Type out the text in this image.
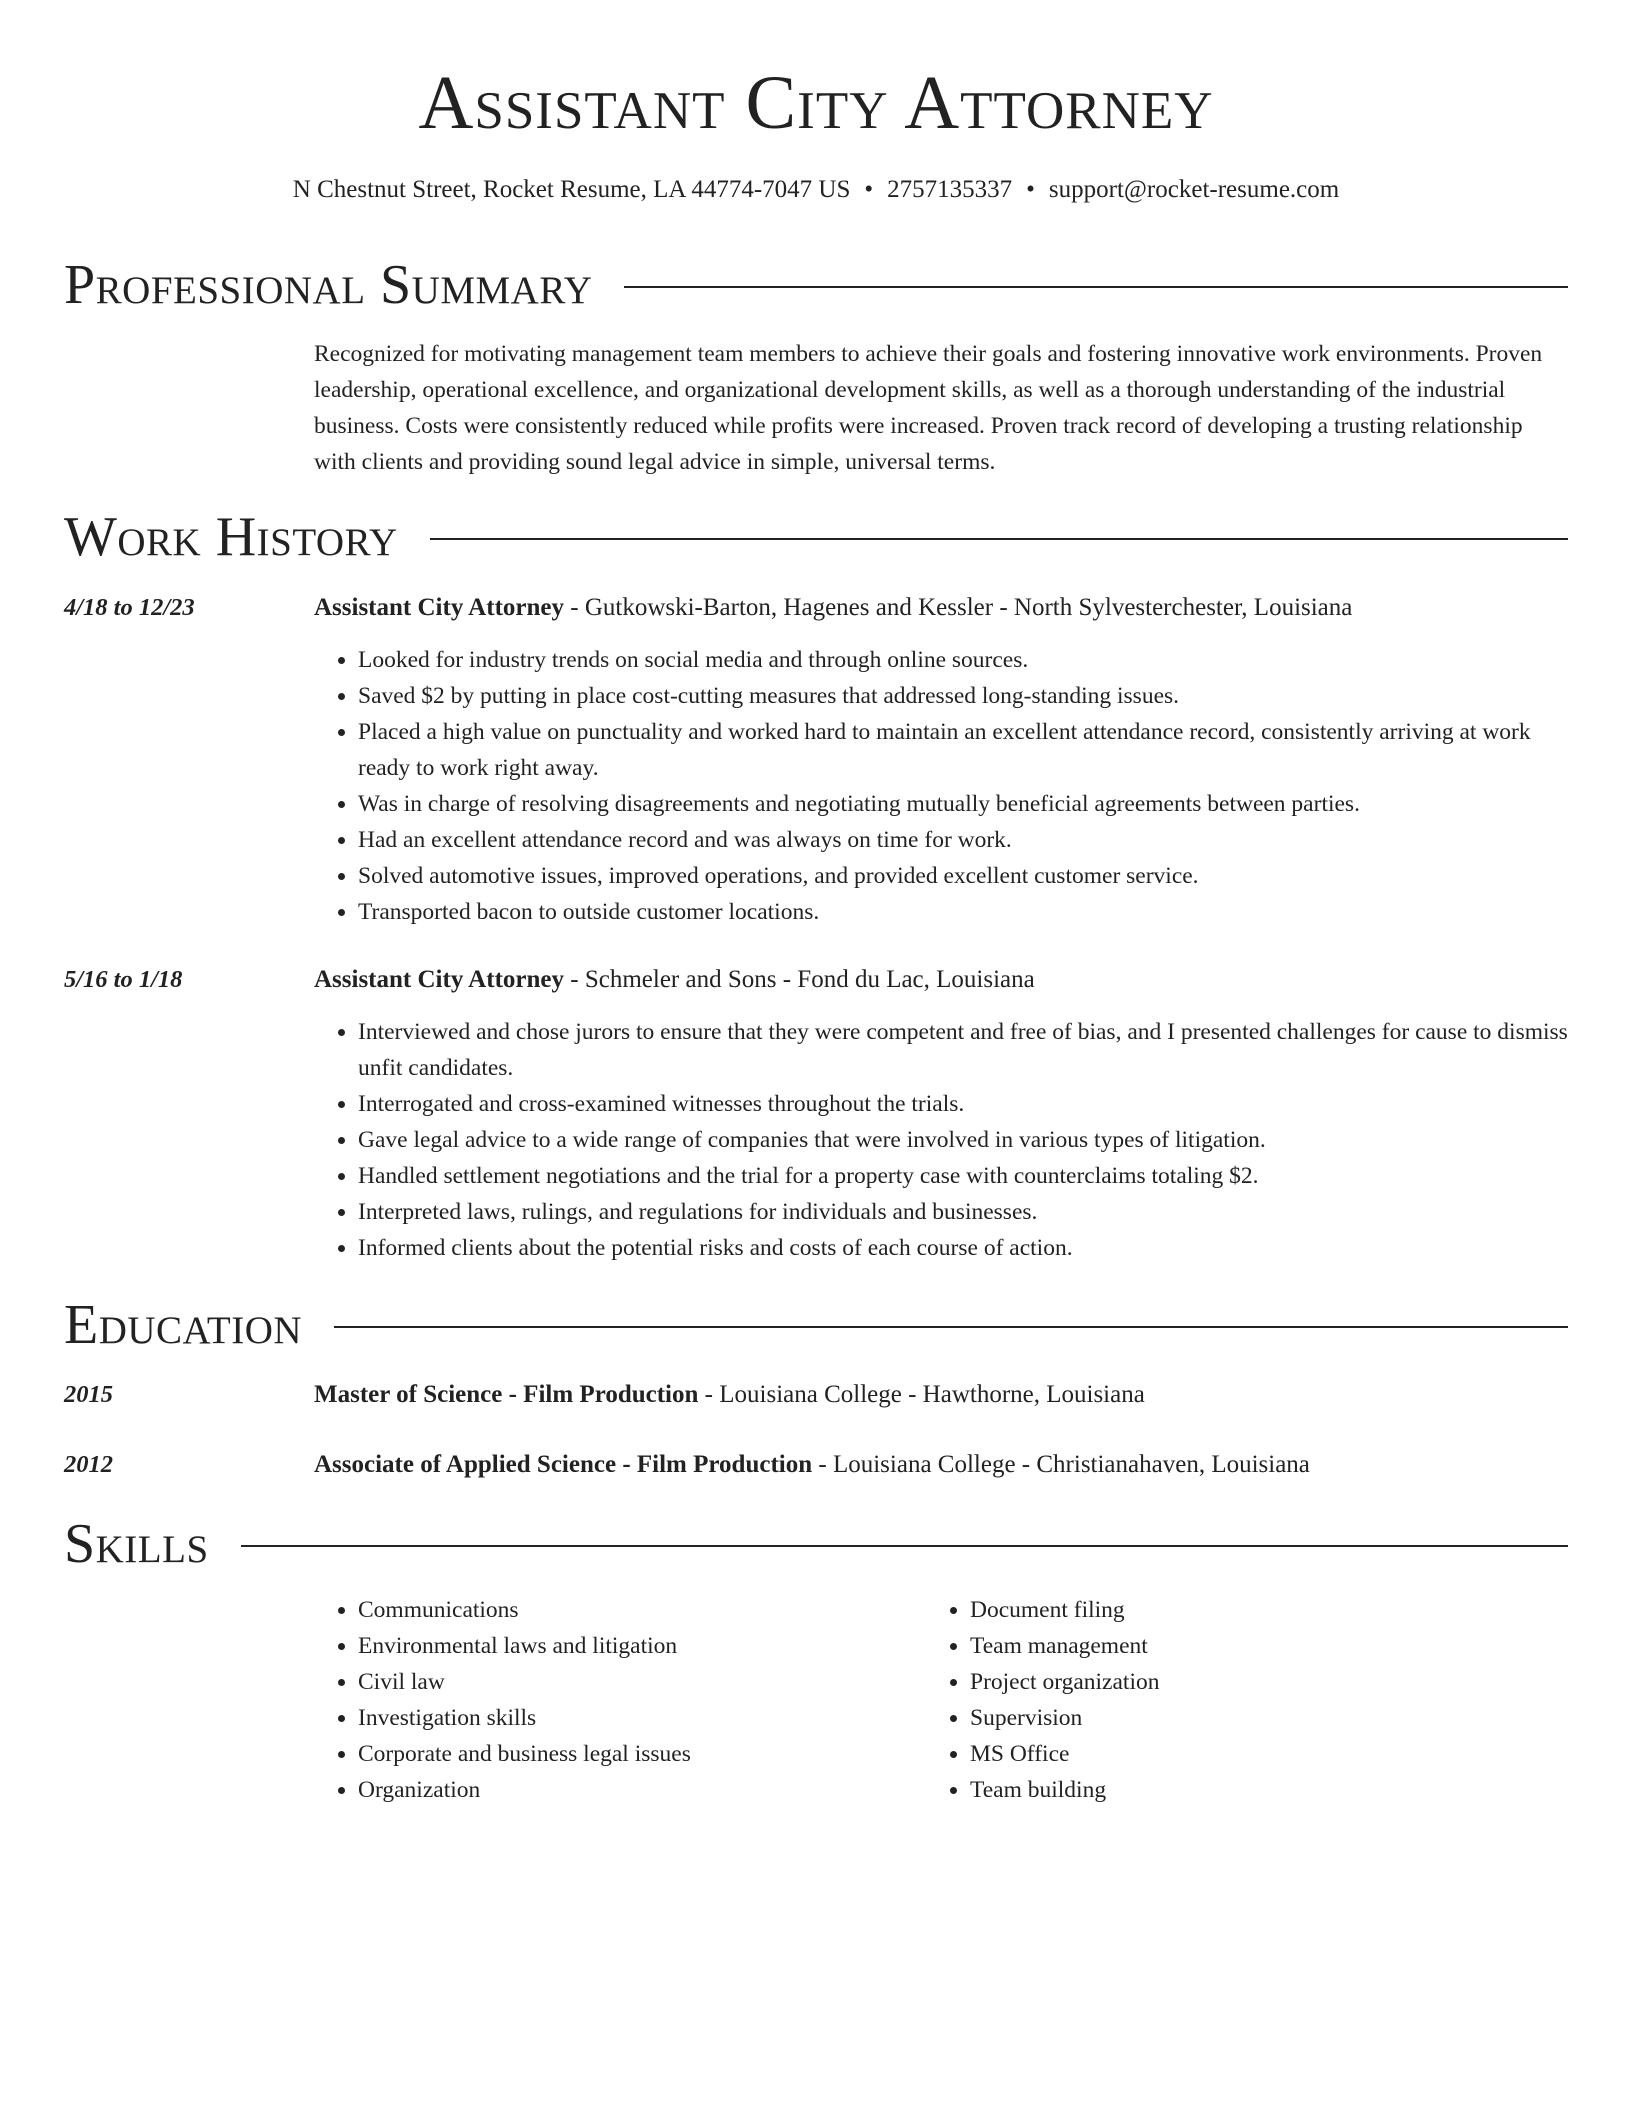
Assistant City Attorney
N Chestnut Street, Rocket Resume, LA 44774-7047 US • 2757135337 • support@rocket-resume.com
Professional Summary
Recognized for motivating management team members to achieve their goals and fostering innovative work environments. Proven leadership, operational excellence, and organizational development skills, as well as a thorough understanding of the industrial business. Costs were consistently reduced while profits were increased. Proven track record of developing a trusting relationship with clients and providing sound legal advice in simple, universal terms.
Work History
4/18 to 12/23	Assistant City Attorney - Gutkowski-Barton, Hagenes and Kessler - North Sylvesterchester, Louisiana
• Looked for industry trends on social media and through online sources.
• Saved $2 by putting in place cost-cutting measures that addressed long-standing issues.
• Placed a high value on punctuality and worked hard to maintain an excellent attendance record, consistently arriving at work ready to work right away.
• Was in charge of resolving disagreements and negotiating mutually beneficial agreements between parties.
• Had an excellent attendance record and was always on time for work.
• Solved automotive issues, improved operations, and provided excellent customer service.
• Transported bacon to outside customer locations.
5/16 to 1/18	Assistant City Attorney - Schmeler and Sons - Fond du Lac, Louisiana
• Interviewed and chose jurors to ensure that they were competent and free of bias, and I presented challenges for cause to dismiss unfit candidates.
• Interrogated and cross-examined witnesses throughout the trials.
• Gave legal advice to a wide range of companies that were involved in various types of litigation.
• Handled settlement negotiations and the trial for a property case with counterclaims totaling $2.
• Interpreted laws, rulings, and regulations for individuals and businesses.
• Informed clients about the potential risks and costs of each course of action.
Education
2015	Master of Science - Film Production - Louisiana College - Hawthorne, Louisiana
2012	Associate of Applied Science - Film Production - Louisiana College - Christianahaven, Louisiana
Skills
• Communications
• Environmental laws and litigation
• Civil law
• Investigation skills
• Corporate and business legal issues
• Organization
• Document filing
• Team management
• Project organization
• Supervision
• MS Office
• Team building
